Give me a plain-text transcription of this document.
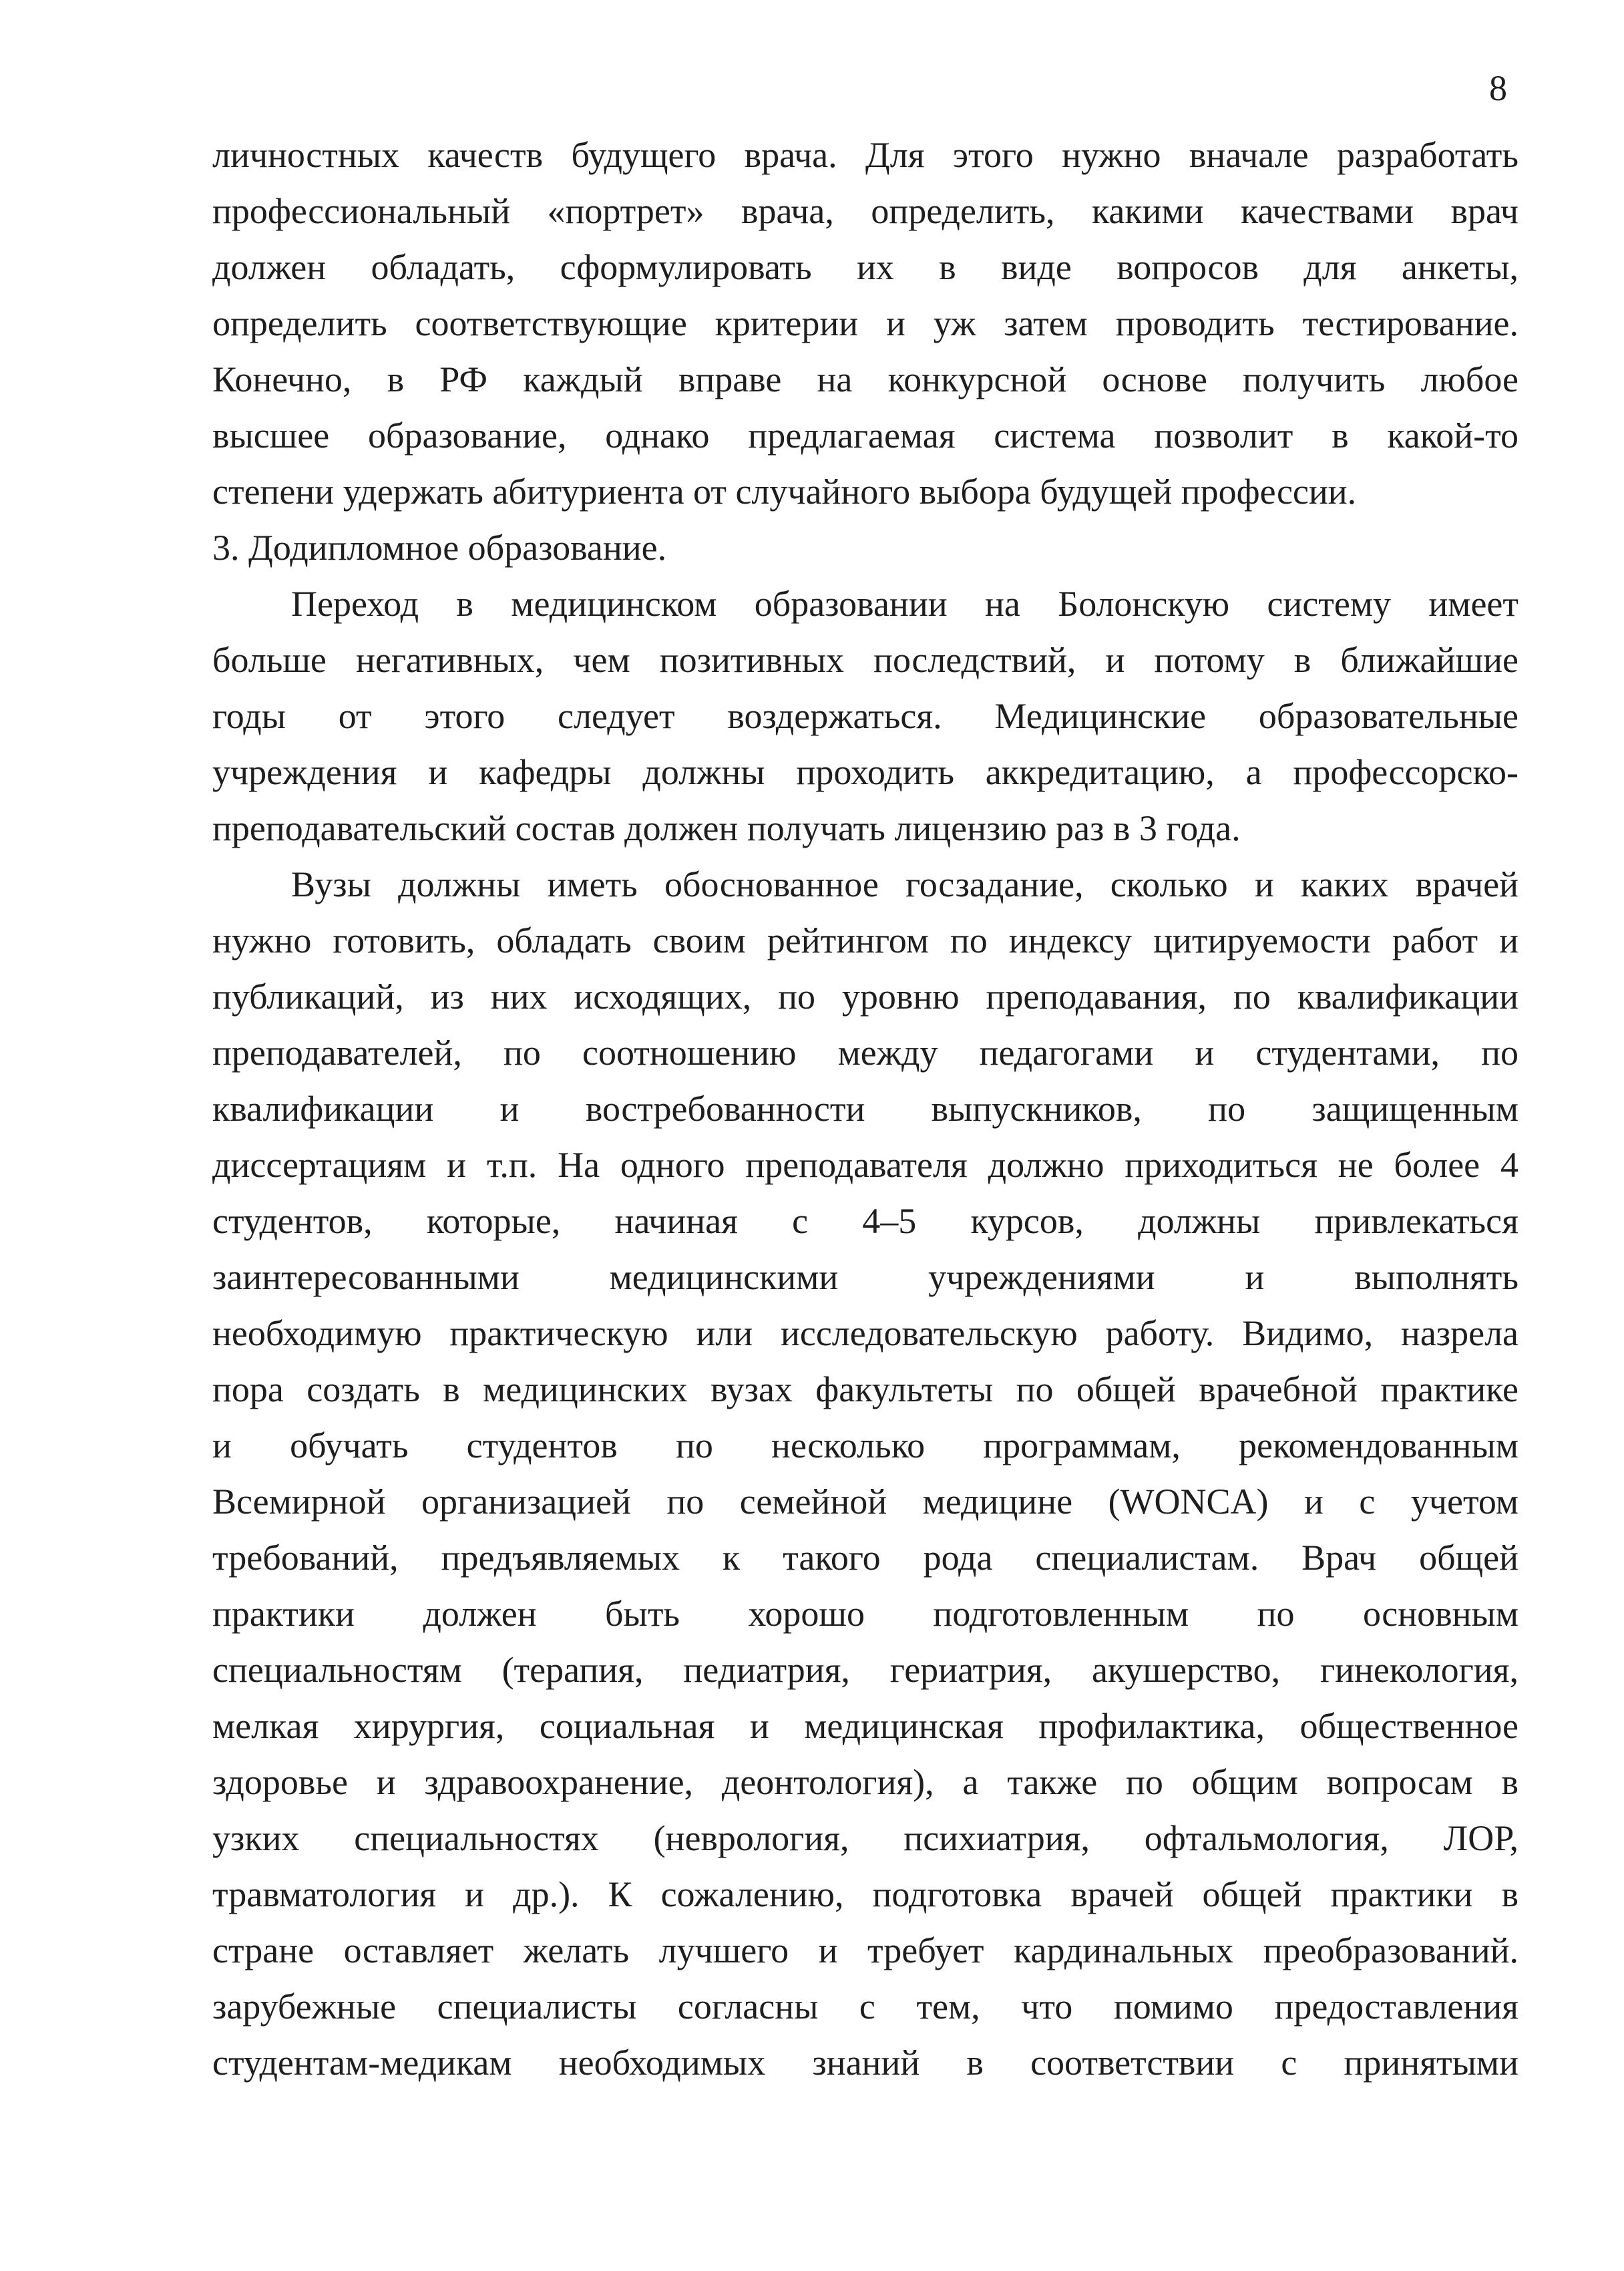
8
личностных качеств будущего врача. Для этого нужно вначале разработать
профессиональный «портрет» врача, определить, какими качествами врач
должен обладать, сформулировать их в виде вопросов для анкеты,
определить соответствующие критерии и уж затем проводить тестирование.
Конечно, в РФ каждый вправе на конкурсной основе получить любое
высшее образование, однако предлагаемая система позволит в какой-то
степени удержать абитуриента от случайного выбора будущей профессии.
3. Додипломное образование.
Переход в медицинском образовании на Болонскую систему имеет
больше негативных, чем позитивных последствий, и потому в ближайшие
годы от этого следует воздержаться. Медицинские образовательные
учреждения и кафедры должны проходить аккредитацию, а профессорско-
преподавательский состав должен получать лицензию раз в 3 года.
Вузы должны иметь обоснованное госзадание, сколько и каких врачей
нужно готовить, обладать своим рейтингом по индексу цитируемости работ и
публикаций, из них исходящих, по уровню преподавания, по квалификации
преподавателей, по соотношению между педагогами и студентами, по
квалификации и востребованности выпускников, по защищенным
диссертациям и т.п. На одного преподавателя должно приходиться не более 4
студентов, которые, начиная с 4–5 курсов, должны привлекаться
заинтересованными медицинскими учреждениями и выполнять
необходимую практическую или исследовательскую работу. Видимо, назрела
пора создать в медицинских вузах факультеты по общей врачебной практике
и обучать студентов по несколько программам, рекомендованным
Всемирной организацией по семейной медицине (WONCA) и с учетом
требований, предъявляемых к такого рода специалистам. Врач общей
практики должен быть хорошо подготовленным по основным
специальностям (терапия, педиатрия, гериатрия, акушерство, гинекология,
мелкая хирургия, социальная и медицинская профилактика, общественное
здоровье и здравоохранение, деонтология), а также по общим вопросам в
узких специальностях (неврология, психиатрия, офтальмология, ЛОР,
травматология и др.). К сожалению, подготовка врачей общей практики в
стране оставляет желать лучшего и требует кардинальных преобразований.
зарубежные специалисты согласны с тем, что помимо предоставления
студентам-медикам необходимых знаний в соответствии с принятыми
